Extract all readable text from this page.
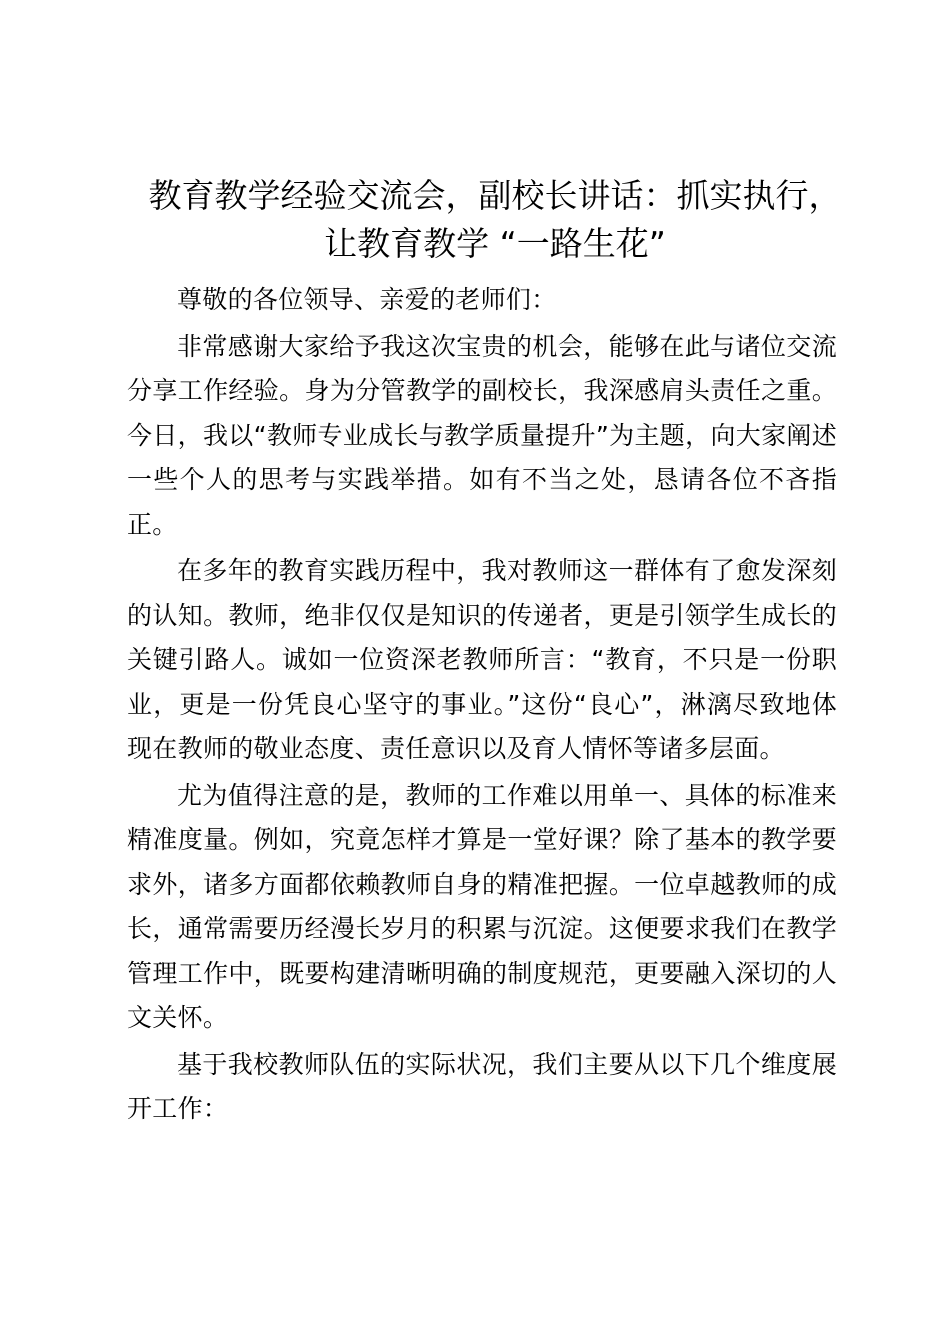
教育教学经验交流会，副校长讲话：抓实执行，
让教育教学 “一路生花”

尊敬的各位领导、亲爱的老师们：

非常感谢大家给予我这次宝贵的机会，能够在此与诸位交流分享工作经验。身为分管教学的副校长，我深感肩头责任之重。今日，我以“教师专业成长与教学质量提升”为主题，向大家阐述一些个人的思考与实践举措。如有不当之处，恳请各位不吝指正。

在多年的教育实践历程中，我对教师这一群体有了愈发深刻的认知。教师，绝非仅仅是知识的传递者，更是引领学生成长的关键引路人。诚如一位资深老教师所言：“教育，不只是一份职业，更是一份凭良心坚守的事业。”这份“良心”，淋漓尽致地体现在教师的敬业态度、责任意识以及育人情怀等诸多层面。

尤为值得注意的是，教师的工作难以用单一、具体的标准来精准度量。例如，究竟怎样才算是一堂好课？除了基本的教学要求外，诸多方面都依赖教师自身的精准把握。一位卓越教师的成长，通常需要历经漫长岁月的积累与沉淀。这便要求我们在教学管理工作中，既要构建清晰明确的制度规范，更要融入深切的人文关怀。

基于我校教师队伍的实际状况，我们主要从以下几个维度展开工作：
